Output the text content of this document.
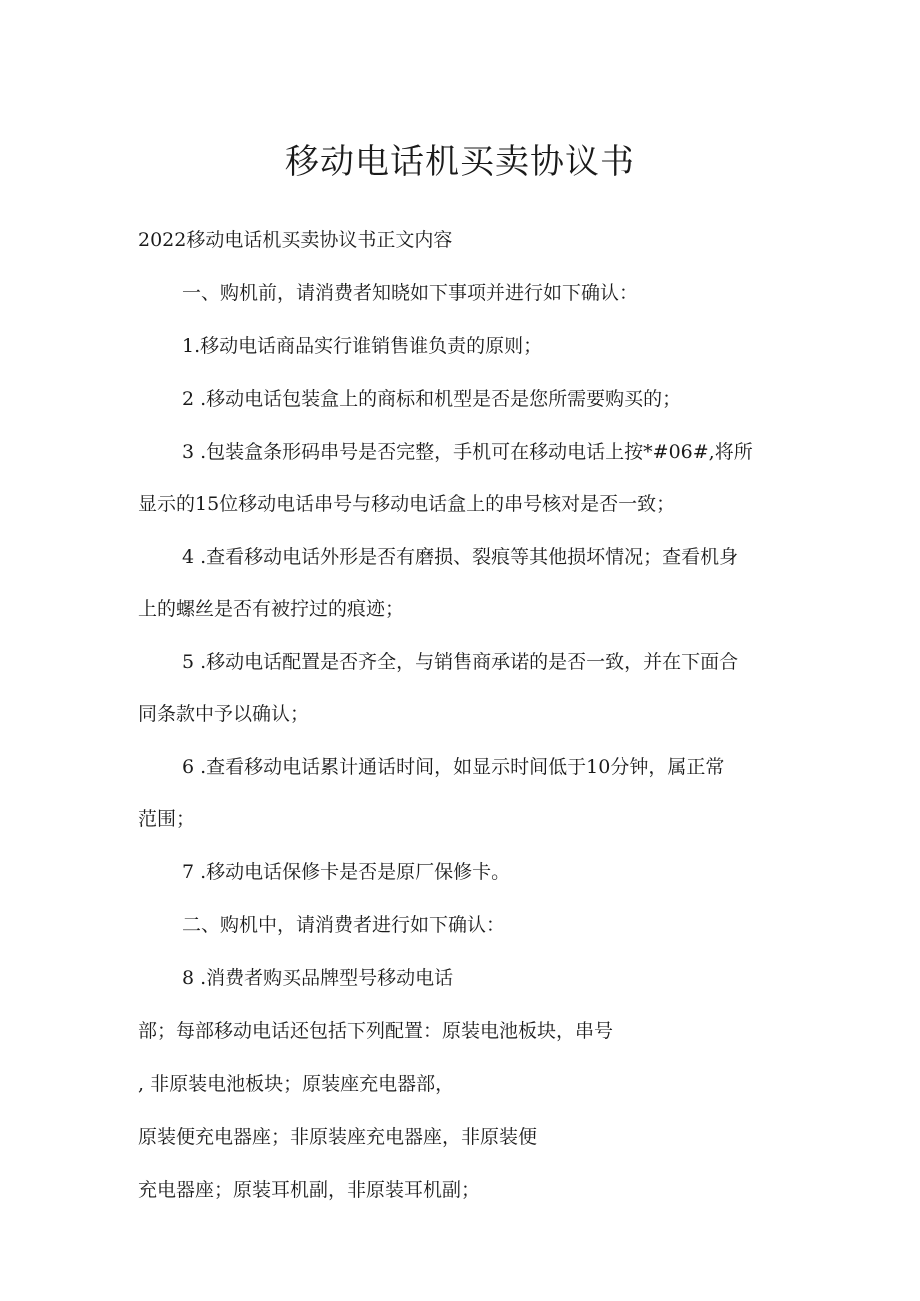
移动电话机买卖协议书
2022移动电话机买卖协议书正文内容
一、购机前，请消费者知晓如下事项并进行如下确认：
1.移动电话商品实行谁销售谁负责的原则；
2 .移动电话包装盒上的商标和机型是否是您所需要购买的；
3 .包装盒条形码串号是否完整，手机可在移动电话上按*#06#,将所
显示的15位移动电话串号与移动电话盒上的串号核对是否一致；
4 .查看移动电话外形是否有磨损、裂痕等其他损坏情况；查看机身
上的螺丝是否有被拧过的痕迹；
5 .移动电话配置是否齐全，与销售商承诺的是否一致，并在下面合
同条款中予以确认；
6 .查看移动电话累计通话时间，如显示时间低于10分钟，属正常
范围；
7 .移动电话保修卡是否是原厂保修卡。
二、购机中，请消费者进行如下确认：
8 .消费者购买品牌型号移动电话
部；每部移动电话还包括下列配置：原装电池板块，串号
, 非原装电池板块；原装座充电器部，
原装便充电器座；非原装座充电器座，非原装便
充电器座；原装耳机副，非原装耳机副；
